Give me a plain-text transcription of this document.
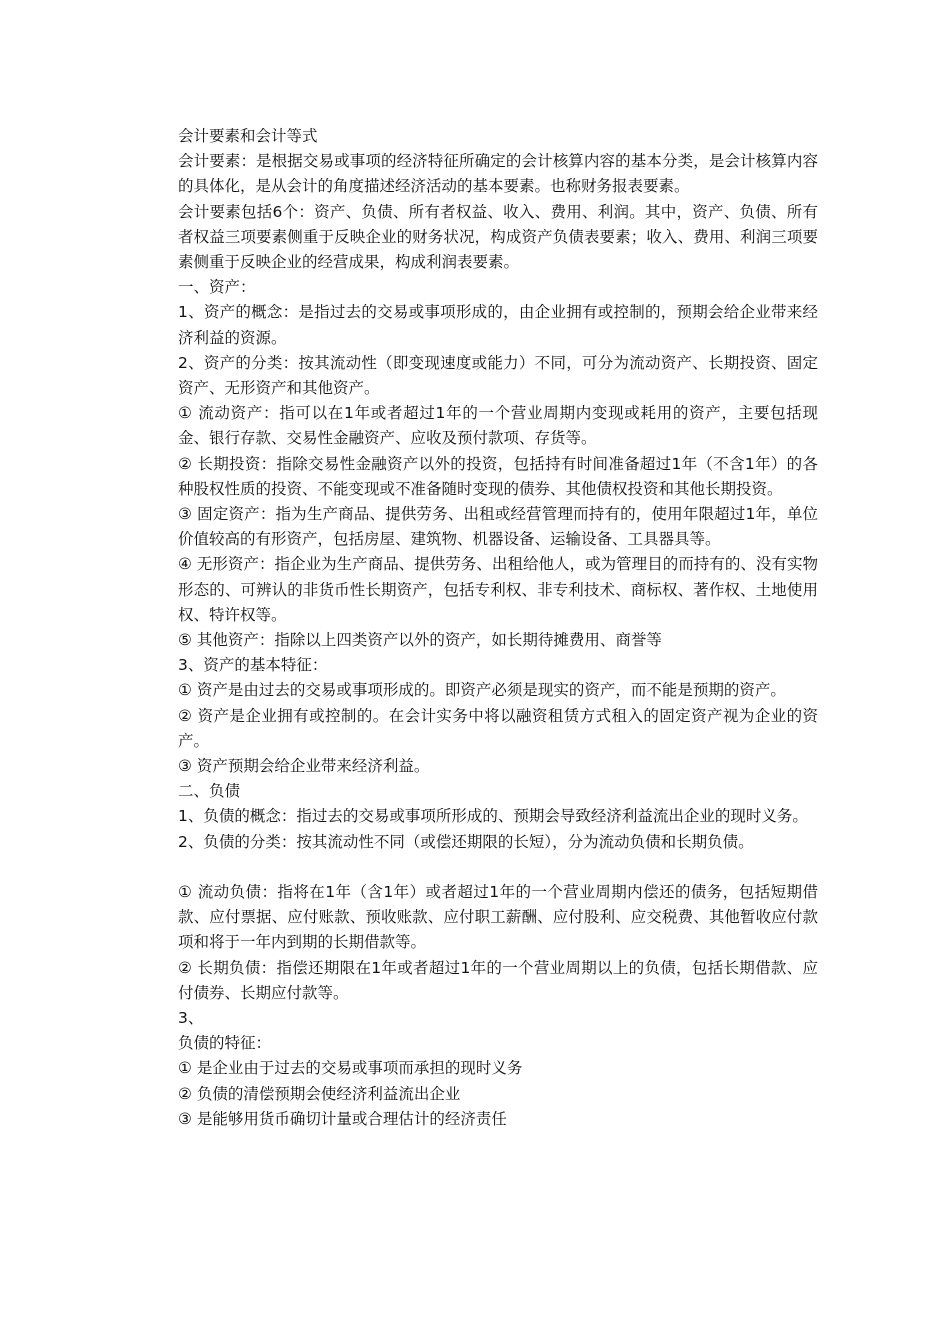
会计要素和会计等式

会计要素：是根据交易或事项的经济特征所确定的会计核算内容的基本分类，是会计核算内容的具体化，是从会计的角度描述经济活动的基本要素。也称财务报表要素。

会计要素包括6个：资产、负债、所有者权益、收入、费用、利润。其中，资产、负债、所有者权益三项要素侧重于反映企业的财务状况，构成资产负债表要素；收入、费用、利润三项要素侧重于反映企业的经营成果，构成利润表要素。

一、资产：

1、资产的概念：是指过去的交易或事项形成的，由企业拥有或控制的，预期会给企业带来经济利益的资源。

2、资产的分类：按其流动性（即变现速度或能力）不同，可分为流动资产、长期投资、固定资产、无形资产和其他资产。

① 流动资产：指可以在1年或者超过1年的一个营业周期内变现或耗用的资产，主要包括现金、银行存款、交易性金融资产、应收及预付款项、存货等。

② 长期投资：指除交易性金融资产以外的投资，包括持有时间准备超过1年（不含1年）的各种股权性质的投资、不能变现或不准备随时变现的债券、其他债权投资和其他长期投资。

③ 固定资产：指为生产商品、提供劳务、出租或经营管理而持有的，使用年限超过1年，单位价值较高的有形资产，包括房屋、建筑物、机器设备、运输设备、工具器具等。

④ 无形资产：指企业为生产商品、提供劳务、出租给他人，或为管理目的而持有的、没有实物形态的、可辨认的非货币性长期资产，包括专利权、非专利技术、商标权、著作权、土地使用权、特许权等。

⑤ 其他资产：指除以上四类资产以外的资产，如长期待摊费用、商誉等

3、资产的基本特征：

① 资产是由过去的交易或事项形成的。即资产必须是现实的资产，而不能是预期的资产。

② 资产是企业拥有或控制的。在会计实务中将以融资租赁方式租入的固定资产视为企业的资产。

③ 资产预期会给企业带来经济利益。

二、负债

1、负债的概念：指过去的交易或事项所形成的、预期会导致经济利益流出企业的现时义务。

2、负债的分类：按其流动性不同（或偿还期限的长短），分为流动负债和长期负债。

① 流动负债：指将在1年（含1年）或者超过1年的一个营业周期内偿还的债务，包括短期借款、应付票据、应付账款、预收账款、应付职工薪酬、应付股利、应交税费、其他暂收应付款项和将于一年内到期的长期借款等。

② 长期负债：指偿还期限在1年或者超过1年的一个营业周期以上的负债，包括长期借款、应付债券、长期应付款等。

3、

负债的特征：

① 是企业由于过去的交易或事项而承担的现时义务

② 负债的清偿预期会使经济利益流出企业

③ 是能够用货币确切计量或合理估计的经济责任
